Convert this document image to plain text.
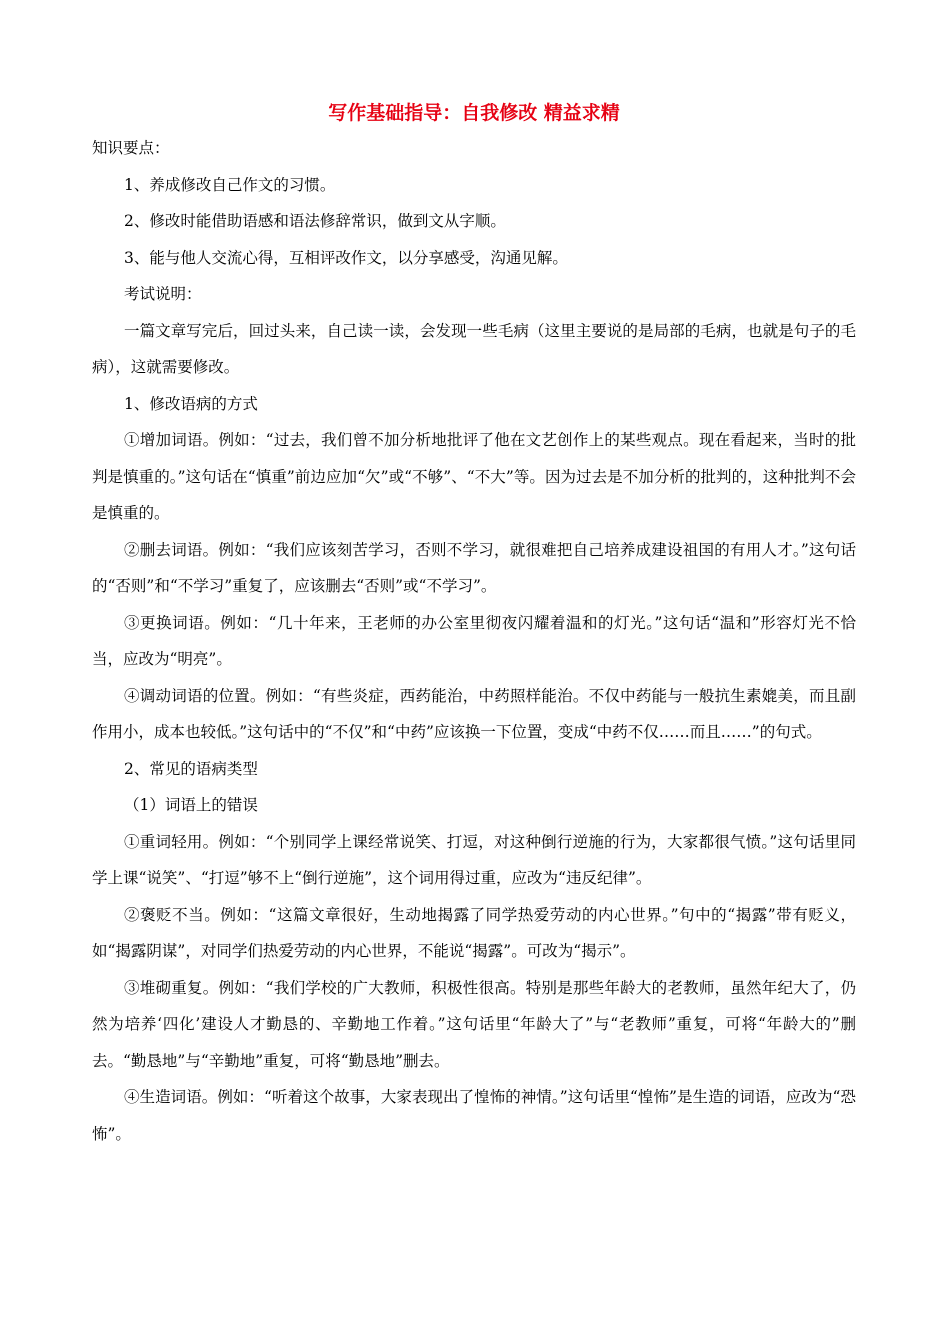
写作基础指导：自我修改 精益求精

知识要点：

1、养成修改自己作文的习惯。

2、修改时能借助语感和语法修辞常识，做到文从字顺。

3、能与他人交流心得，互相评改作文，以分享感受，沟通见解。

考试说明：

一篇文章写完后，回过头来，自己读一读，会发现一些毛病（这里主要说的是局部的毛病，也就是句子的毛病），这就需要修改。

1、修改语病的方式

①增加词语。例如：“过去，我们曾不加分析地批评了他在文艺创作上的某些观点。现在看起来，当时的批判是慎重的。”这句话在“慎重”前边应加“欠”或“不够”、“不大”等。因为过去是不加分析的批判的，这种批判不会是慎重的。

②删去词语。例如：“我们应该刻苦学习，否则不学习，就很难把自己培养成建设祖国的有用人才。”这句话的“否则”和“不学习”重复了，应该删去“否则”或“不学习”。

③更换词语。例如：“几十年来，王老师的办公室里彻夜闪耀着温和的灯光。”这句话“温和”形容灯光不恰当，应改为“明亮”。

④调动词语的位置。例如：“有些炎症，西药能治，中药照样能治。不仅中药能与一般抗生素媲美，而且副作用小，成本也较低。”这句话中的“不仅”和“中药”应该换一下位置，变成“中药不仅……而且……”的句式。

2、常见的语病类型

（1）词语上的错误

①重词轻用。例如：“个别同学上课经常说笑、打逗，对这种倒行逆施的行为，大家都很气愤。”这句话里同学上课“说笑”、“打逗”够不上“倒行逆施”，这个词用得过重，应改为“违反纪律”。

②褒贬不当。例如：“这篇文章很好，生动地揭露了同学热爱劳动的内心世界。”句中的“揭露”带有贬义，如“揭露阴谋”，对同学们热爱劳动的内心世界，不能说“揭露”。可改为“揭示”。

③堆砌重复。例如：“我们学校的广大教师，积极性很高。特别是那些年龄大的老教师，虽然年纪大了，仍然为培养‘四化’建设人才勤恳的、辛勤地工作着。”这句话里“年龄大了”与“老教师”重复，可将“年龄大的”删去。“勤恳地”与“辛勤地”重复，可将“勤恳地”删去。

④生造词语。例如：“听着这个故事，大家表现出了惶怖的神情。”这句话里“惶怖”是生造的词语，应改为“恐怖”。
